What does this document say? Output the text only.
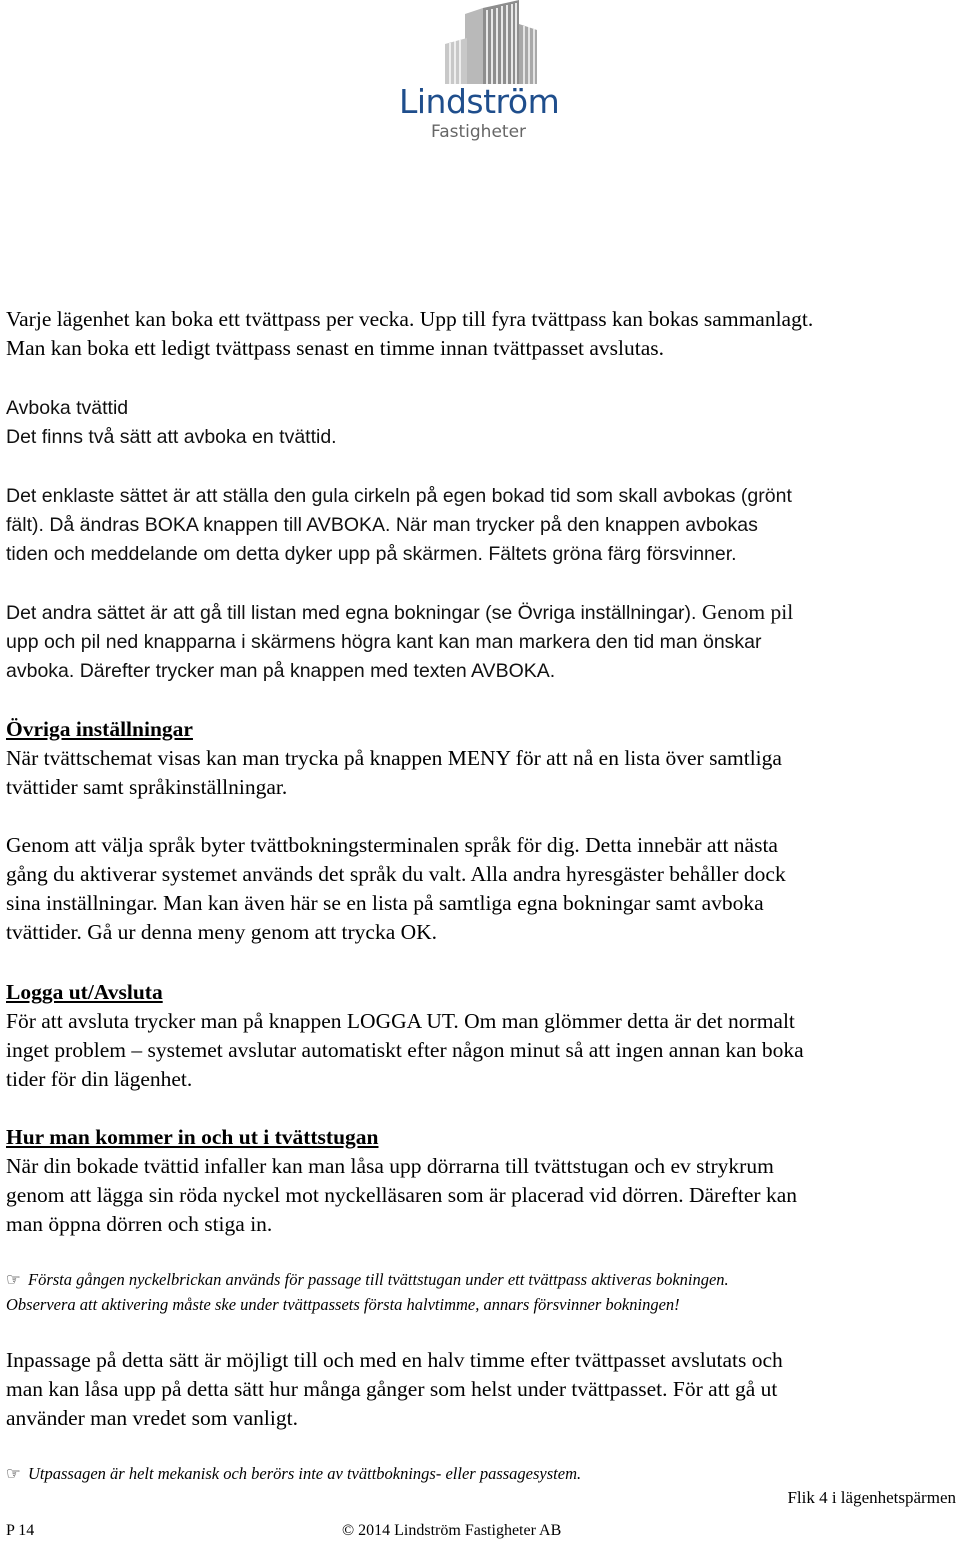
Lindström
Fastigheter
Varje lägenhet kan boka ett tvättpass per vecka. Upp till fyra tvättpass kan bokas sammanlagt.
Man kan boka ett ledigt tvättpass senast en timme innan tvättpasset avslutas.
Avboka tvättid
Det finns två sätt att avboka en tvättid.
Det enklaste sättet är att ställa den gula cirkeln på egen bokad tid som skall avbokas (grönt
fält). Då ändras BOKA knappen till AVBOKA. När man trycker på den knappen avbokas
tiden och meddelande om detta dyker upp på skärmen. Fältets gröna färg försvinner.
Det andra sättet är att gå till listan med egna bokningar (se Övriga inställningar). Genom pil
upp och pil ned knapparna i skärmens högra kant kan man markera den tid man önskar
avboka. Därefter trycker man på knappen med texten AVBOKA.
Övriga inställningar
När tvättschemat visas kan man trycka på knappen MENY för att nå en lista över samtliga
tvättider samt språkinställningar.
Genom att välja språk byter tvättbokningsterminalen språk för dig. Detta innebär att nästa
gång du aktiverar systemet används det språk du valt. Alla andra hyresgäster behåller dock
sina inställningar. Man kan även här se en lista på samtliga egna bokningar samt avboka
tvättider. Gå ur denna meny genom att trycka OK.
Logga ut/Avsluta
För att avsluta trycker man på knappen LOGGA UT. Om man glömmer detta är det normalt
inget problem – systemet avslutar automatiskt efter någon minut så att ingen annan kan boka
tider för din lägenhet.
Hur man kommer in och ut i tvättstugan
När din bokade tvättid infaller kan man låsa upp dörrarna till tvättstugan och ev strykrum
genom att lägga sin röda nyckel mot nyckelläsaren som är placerad vid dörren. Därefter kan
man öppna dörren och stiga in.
☞ Första gången nyckelbrickan används för passage till tvättstugan under ett tvättpass aktiveras bokningen.
Observera att aktivering måste ske under tvättpassets första halvtimme, annars försvinner bokningen!
Inpassage på detta sätt är möjligt till och med en halv timme efter tvättpasset avslutats och
man kan låsa upp på detta sätt hur många gånger som helst under tvättpasset. För att gå ut
använder man vredet som vanligt.
☞ Utpassagen är helt mekanisk och berörs inte av tvättboknings- eller passagesystem.
Flik 4 i lägenhetspärmen
P 14	© 2014 Lindström Fastigheter AB
